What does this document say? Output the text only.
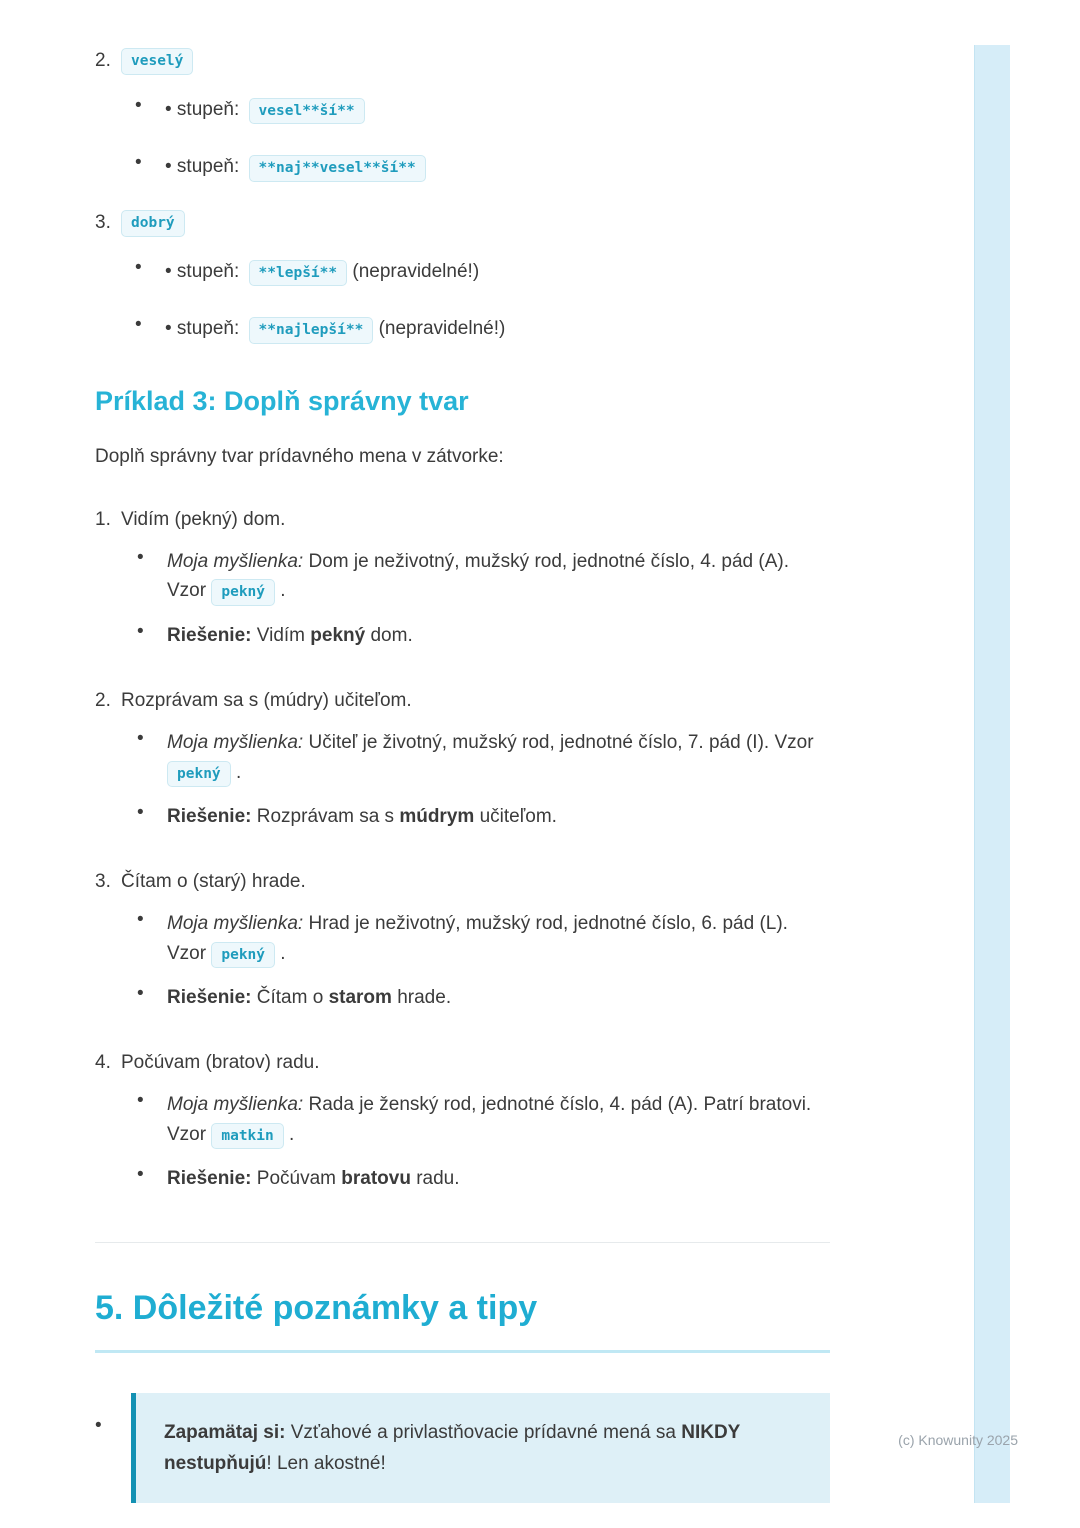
2.	veselý
•
• stupeň: vesel**ší**
•
• stupeň: **naj**vesel**ší**
3.	dobrý
•
• stupeň: **lepší** (nepravidelné!)
•
• stupeň: **najlepší** (nepravidelné!)
Príklad 3: Doplň správny tvar

Doplň správny tvar prídavného mena v zátvorke:

1. Vidím (pekný) dom.
•
Moja myšlienka: Dom je neživotný, mužský rod, jednotné číslo, 4. pád (A). Vzor pekný .
•
Riešenie: Vidím pekný dom.
2. Rozprávam sa s (múdry) učiteľom.
•
Moja myšlienka: Učiteľ je životný, mužský rod, jednotné číslo, 7. pád (I). Vzor pekný .
•
Riešenie: Rozprávam sa s múdrym učiteľom.
3. Čítam o (starý) hrade.
•
Moja myšlienka: Hrad je neživotný, mužský rod, jednotné číslo, 6. pád (L). Vzor pekný .
•
Riešenie: Čítam o starom hrade.
4. Počúvam (bratov) radu.
•
Moja myšlienka: Rada je ženský rod, jednotné číslo, 4. pád (A). Patrí bratovi. Vzor matkin .
•
Riešenie: Počúvam bratovu radu.
5. Dôležité poznámky a tipy
•
Zapamätaj si: Vzťahové a privlastňovacie prídavné mená sa NIKDY nestupňujú! Len akostné!
(c) Knowunity 2025
